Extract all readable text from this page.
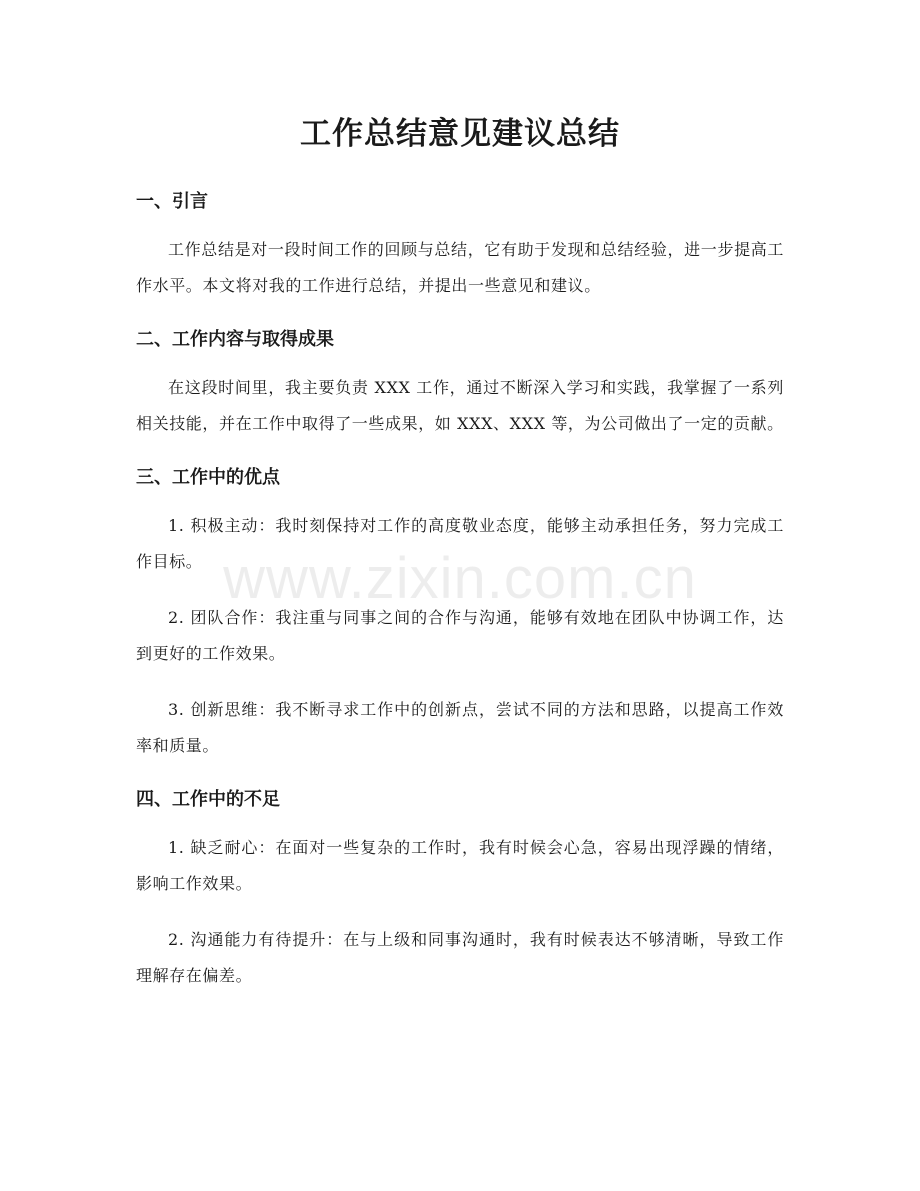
www.zixin.com.cn
工作总结意见建议总结
一、引言

工作总结是对一段时间工作的回顾与总结，它有助于发现和总结经验，进一步提高工作水平。本文将对我的工作进行总结，并提出一些意见和建议。

二、工作内容与取得成果

在这段时间里，我主要负责 XXX 工作，通过不断深入学习和实践，我掌握了一系列相关技能，并在工作中取得了一些成果，如 XXX、XXX 等，为公司做出了一定的贡献。

三、工作中的优点

1. 积极主动：我时刻保持对工作的高度敬业态度，能够主动承担任务，努力完成工作目标。

2. 团队合作：我注重与同事之间的合作与沟通，能够有效地在团队中协调工作，达到更好的工作效果。

3. 创新思维：我不断寻求工作中的创新点，尝试不同的方法和思路，以提高工作效率和质量。

四、工作中的不足

1. 缺乏耐心：在面对一些复杂的工作时，我有时候会心急，容易出现浮躁的情绪，影响工作效果。

2. 沟通能力有待提升：在与上级和同事沟通时，我有时候表达不够清晰，导致工作理解存在偏差。
